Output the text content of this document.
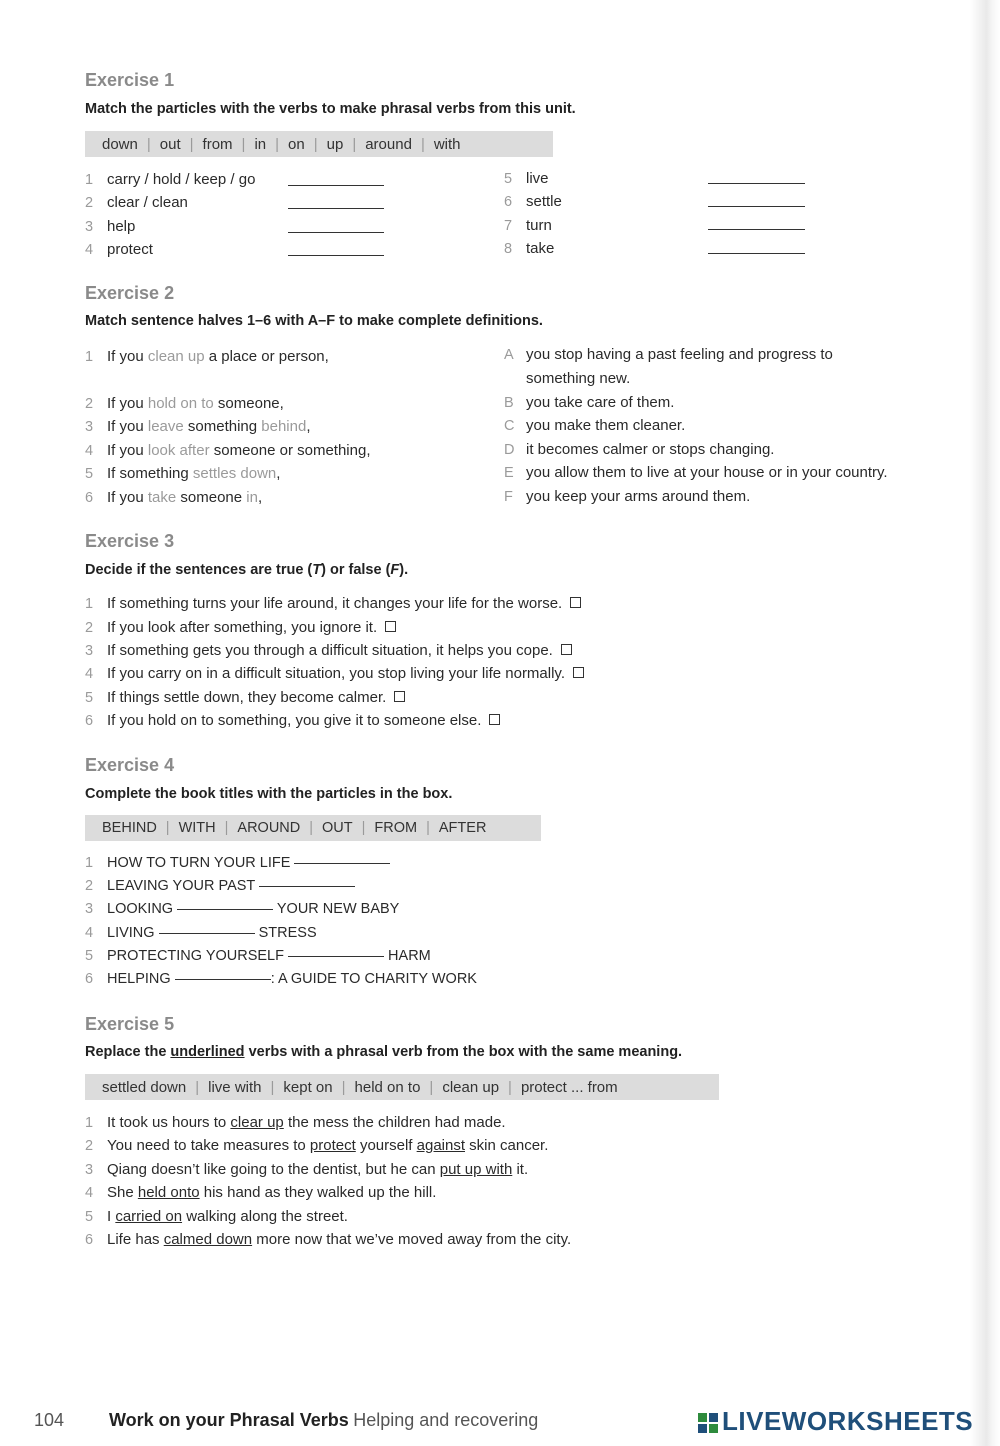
Exercise 1
Match the particles with the verbs to make phrasal verbs from this unit.
down | out | from | in | on | up | around | with
1 carry / hold / keep / go
2 clear / clean
3 help
4 protect
5 live
6 settle
7 turn
8 take
Exercise 2
Match sentence halves 1–6 with A–F to make complete definitions.
1 If you clean up a place or person,
2 If you hold on to someone,
3 If you leave something behind,
4 If you look after someone or something,
5 If something settles down,
6 If you take someone in,
A you stop having a past feeling and progress to
something new.
B you take care of them.
C you make them cleaner.
D it becomes calmer or stops changing.
E you allow them to live at your house or in your country.
F you keep your arms around them.
Exercise 3
Decide if the sentences are true (T) or false (F).
1 If something turns your life around, it changes your life for the worse.
2 If you look after something, you ignore it.
3 If something gets you through a difficult situation, it helps you cope.
4 If you carry on in a difficult situation, you stop living your life normally.
5 If things settle down, they become calmer.
6 If you hold on to something, you give it to someone else.
Exercise 4
Complete the book titles with the particles in the box.
BEHIND | WITH | AROUND | OUT | FROM | AFTER
1 HOW TO TURN YOUR LIFE
2 LEAVING YOUR PAST
3 LOOKING	YOUR NEW BABY
4 LIVING	STRESS
5 PROTECTING YOURSELF	HARM
6 HELPING	: A GUIDE TO CHARITY WORK
Exercise 5
Replace the underlined verbs with a phrasal verb from the box with the same meaning.
settled down | live with | kept on | held on to | clean up | protect ... from
1 It took us hours to clear up the mess the children had made.
2 You need to take measures to protect yourself against skin cancer.
3 Qiang doesn’t like going to the dentist, but he can put up with it.
4 She held onto his hand as they walked up the hill.
5 I carried on walking along the street.
6 Life has calmed down more now that we’ve moved away from the city.
104 Work on your Phrasal Verbs Helping and recovering	LIVEWORKSHEETS
